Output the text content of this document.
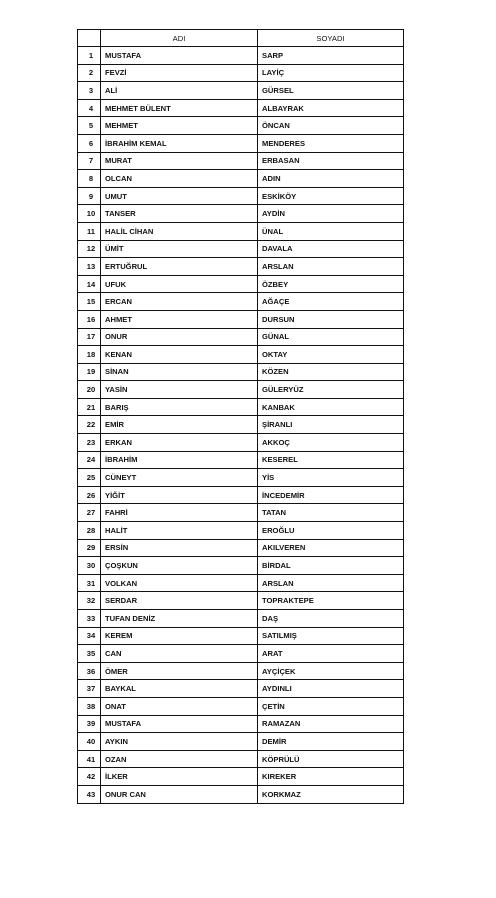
	ADI	SOYADI
1	MUSTAFA	SARP
2	FEVZİ	LAYİÇ
3	ALİ	GÜRSEL
4	MEHMET BÜLENT	ALBAYRAK
5	MEHMET	ÖNCAN
6	İBRAHİM KEMAL	MENDERES
7	MURAT	ERBASAN
8	OLCAN	ADIN
9	UMUT	ESKİKÖY
10	TANSER	AYDİN
11	HALİL CİHAN	ÜNAL
12	ÜMİT	DAVALA
13	ERTUĞRUL	ARSLAN
14	UFUK	ÖZBEY
15	ERCAN	AĞAÇE
16	AHMET	DURSUN
17	ONUR	GÜNAL
18	KENAN	OKTAY
19	SİNAN	KÖZEN
20	YASİN	GÜLERYÜZ
21	BARIŞ	KANBAK
22	EMİR	ŞİRANLI
23	ERKAN	AKKOÇ
24	İBRAHİM	KESEREL
25	CÜNEYT	YİS
26	YİĞİT	İNCEDEMİR
27	FAHRİ	TATAN
28	HALİT	EROĞLU
29	ERSİN	AKILVEREN
30	ÇOŞKUN	BİRDAL
31	VOLKAN	ARSLAN
32	SERDAR	TOPRAKTEPE
33	TUFAN DENİZ	DAŞ
34	KEREM	SATILMIŞ
35	CAN	ARAT
36	ÖMER	AYÇİÇEK
37	BAYKAL	AYDINLI
38	ONAT	ÇETİN
39	MUSTAFA	RAMAZAN
40	AYKIN	DEMİR
41	OZAN	KÖPRÜLÜ
42	İLKER	KIREKER
43	ONUR CAN	KORKMAZ
